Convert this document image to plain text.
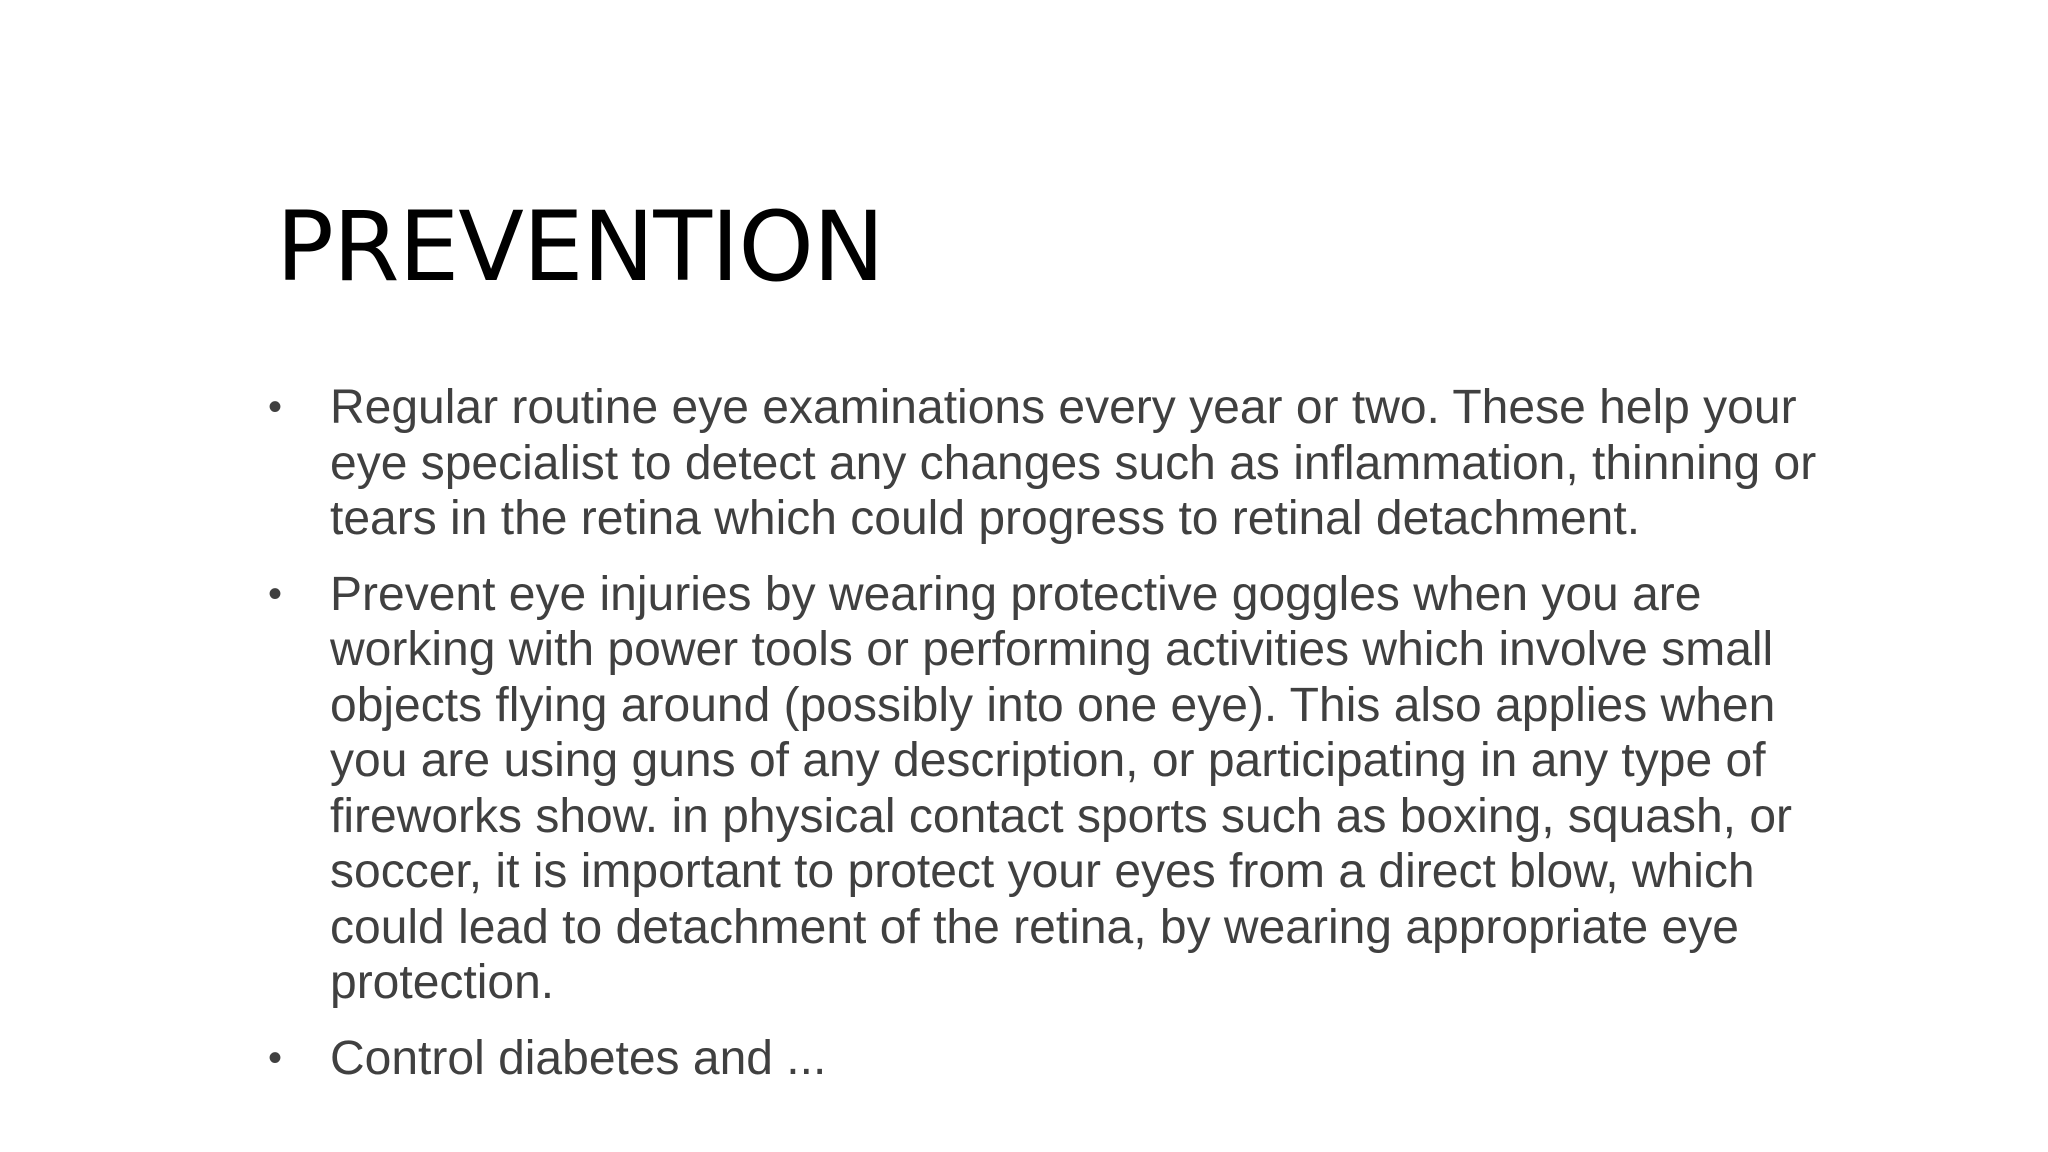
PREVENTION
• Regular routine eye examinations every year or two. These help your eye specialist to detect any changes such as inflammation, thinning or tears in the retina which could progress to retinal detachment.
• Prevent eye injuries by wearing protective goggles when you are working with power tools or performing activities which involve small objects flying around (possibly into one eye). This also applies when you are using guns of any description, or participating in any type of fireworks show. in physical contact sports such as boxing, squash, or soccer, it is important to protect your eyes from a direct blow, which could lead to detachment of the retina, by wearing appropriate eye protection.
• Control diabetes and ...
